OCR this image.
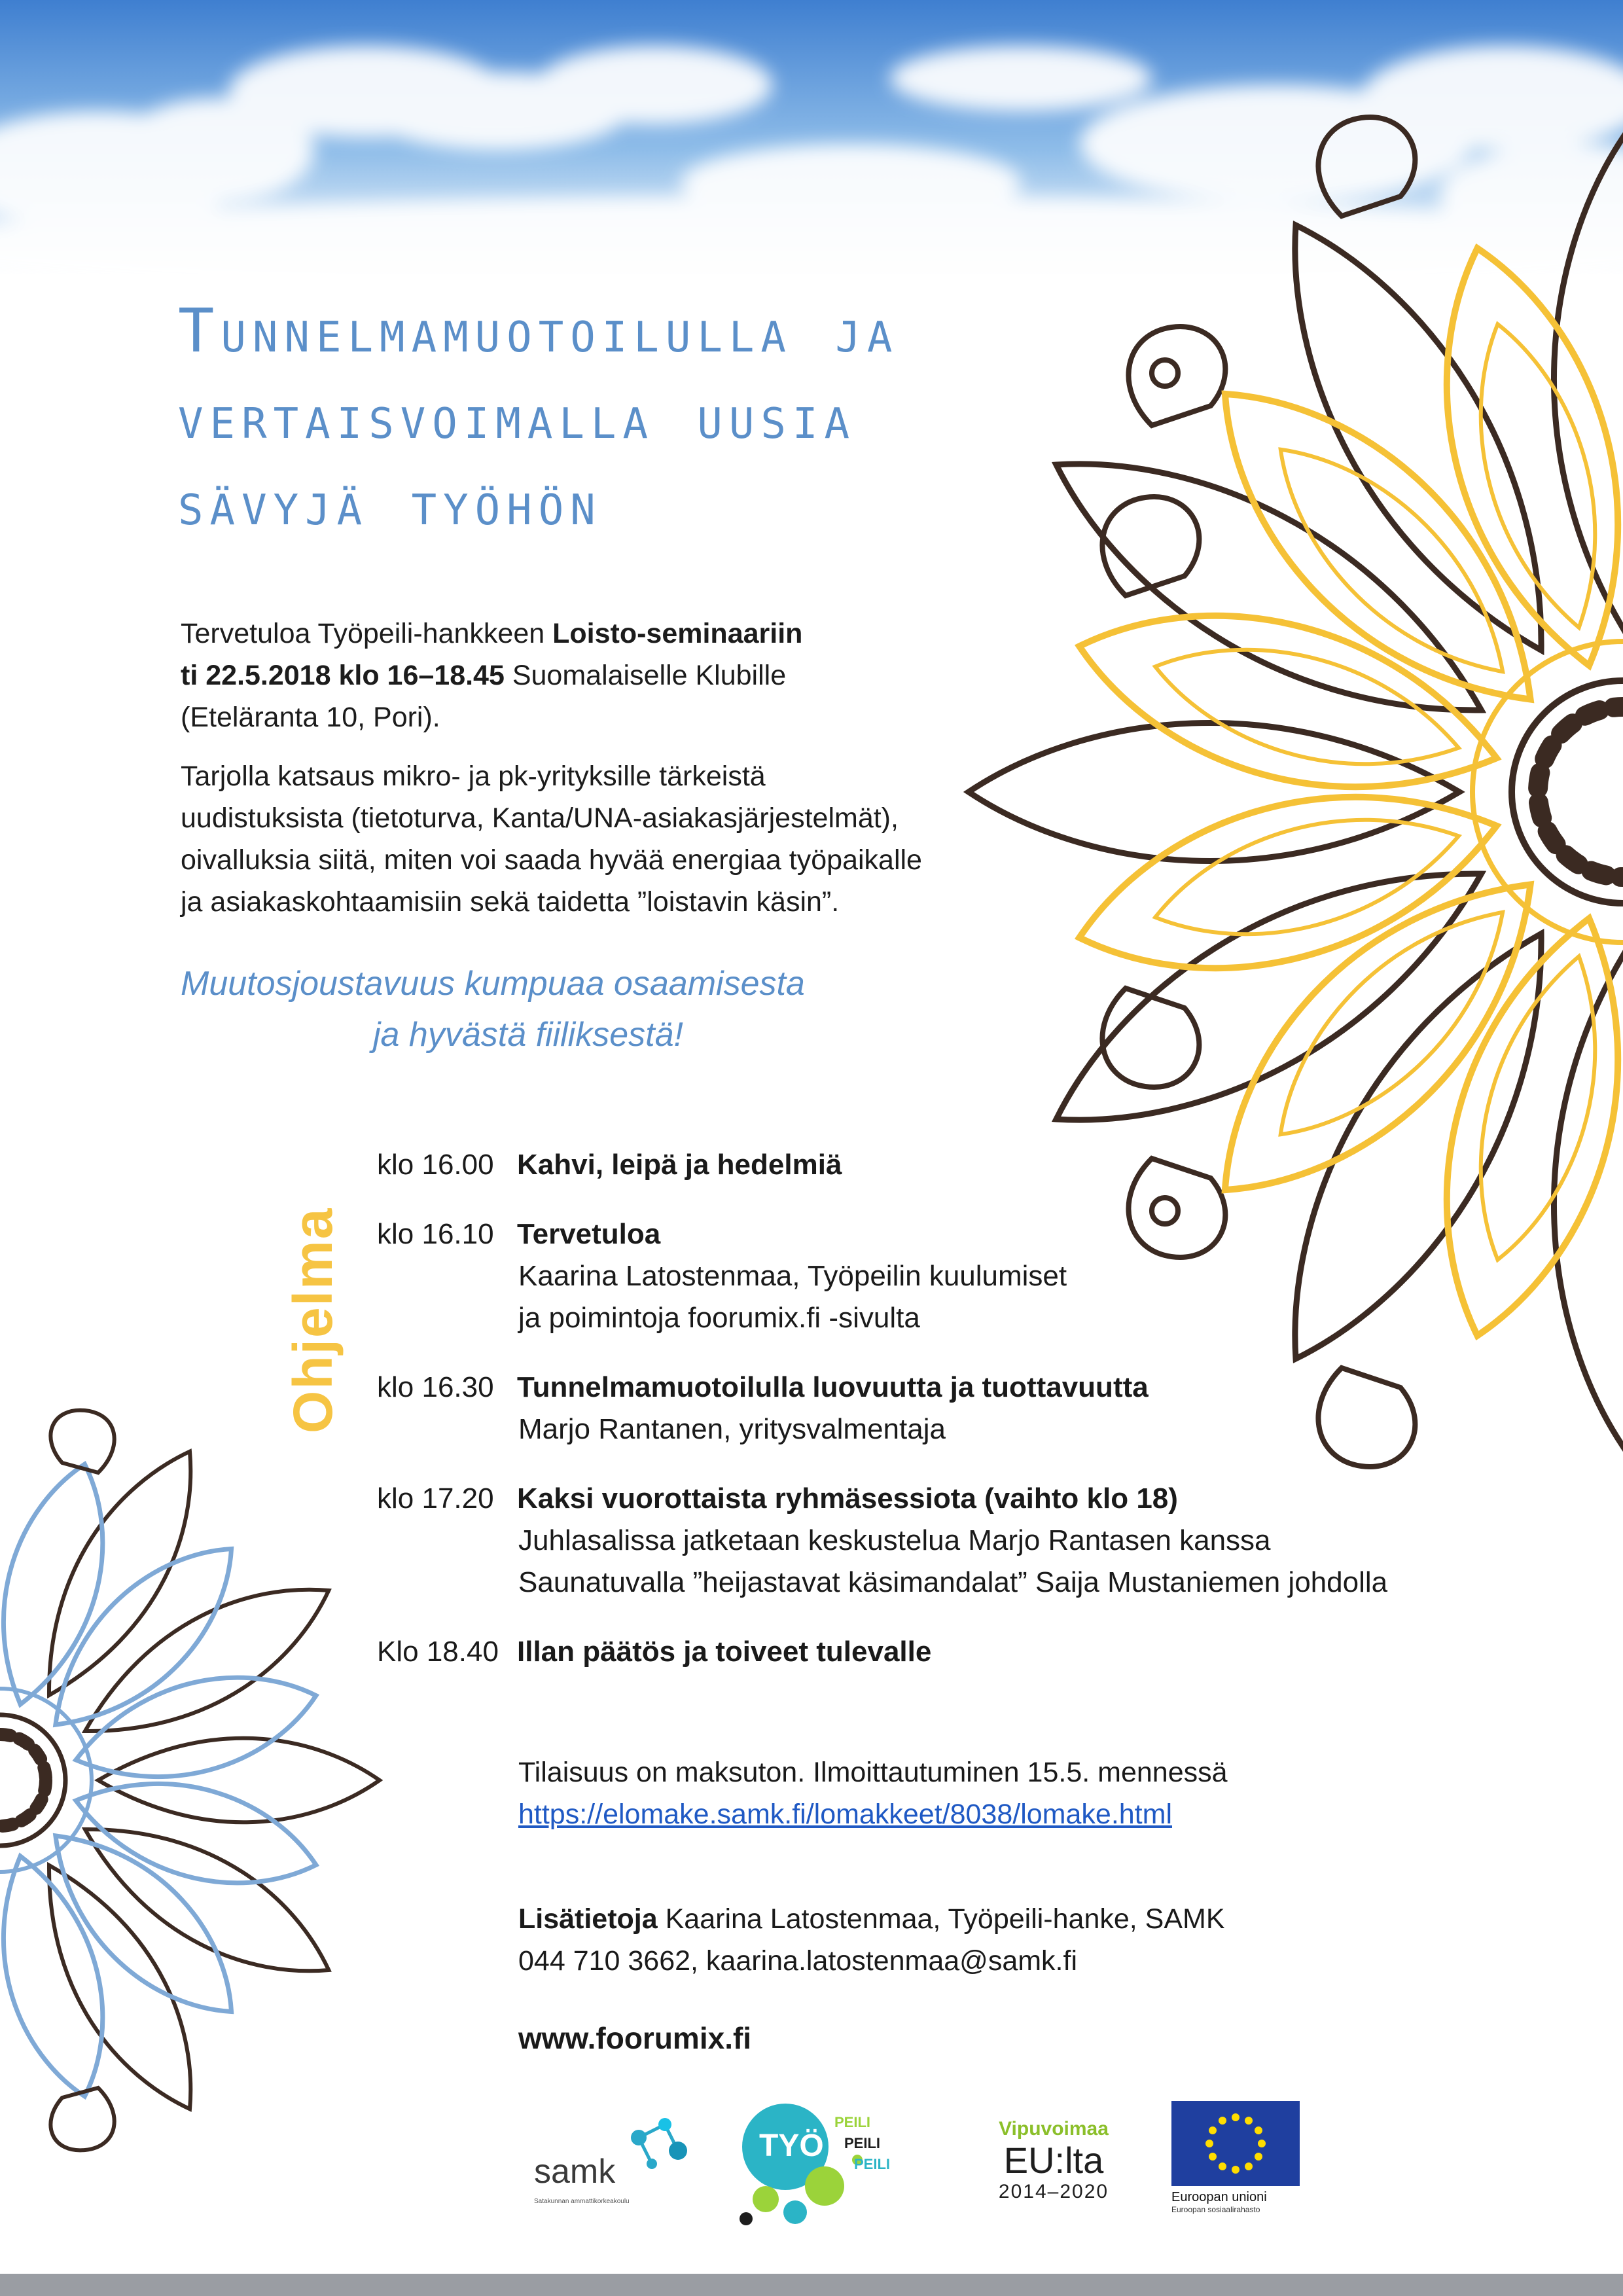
Tunnelmamuotoilulla ja
vertaisvoimalla uusia
sävyjä työhön

Tervetuloa Työpeili-hankkeen Loisto-seminaariin
ti 22.5.2018 klo 16–18.45 Suomalaiselle Klubille
(Eteläranta 10, Pori).

Tarjolla katsaus mikro- ja pk-yrityksille tärkeistä
uudistuksista (tietoturva, Kanta/UNA-asiakasjärjestelmät),
oivalluksia siitä, miten voi saada hyvää energiaa työpaikalle
ja asiakaskohtaamisiin sekä taidetta ”loistavin käsin”.

Muutosjoustavuus kumpuaa osaamisesta
ja hyvästä fiiliksestä!
Ohjelma
klo 16.00 Kahvi, leipä ja hedelmiä
klo 16.10 Tervetuloa
Kaarina Latostenmaa, Työpeilin kuulumiset
ja poimintoja foorumix.fi -sivulta
klo 16.30 Tunnelmamuotoilulla luovuutta ja tuottavuutta
Marjo Rantanen, yritysvalmentaja
klo 17.20 Kaksi vuorottaista ryhmäsessiota (vaihto klo 18)
Juhlasalissa jatketaan keskustelua Marjo Rantasen kanssa
Saunatuvalla ”heijastavat käsimandalat” Saija Mustaniemen johdolla
Klo 18.40 Illan päätös ja toiveet tulevalle
Tilaisuus on maksuton. Ilmoittautuminen 15.5. mennessä
https://elomake.samk.fi/lomakkeet/8038/lomake.html
Lisätietoja Kaarina Latostenmaa, Työpeili-hanke, SAMK
044 710 3662, kaarina.latostenmaa@samk.fi
www.foorumix.fi
samk
Satakunnan ammattikorkeakoulu
TYÖ
PEILI
PEILI
PEILI
Vipuvoimaa
EU:lta
2014–2020	Euroopan unioni
Euroopan sosiaalirahasto
